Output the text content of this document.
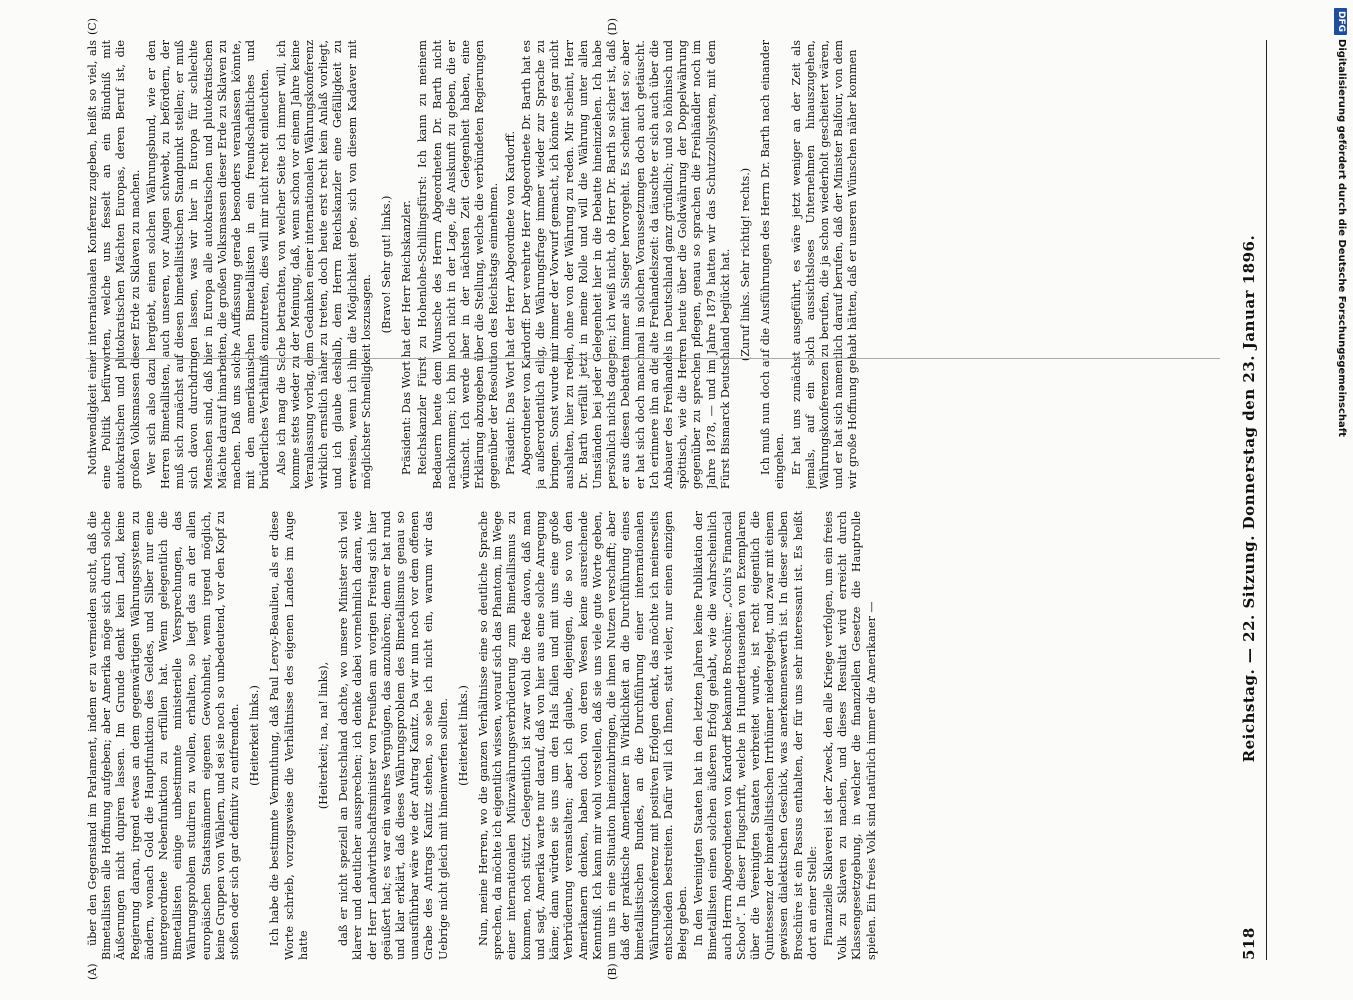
518
Reichstag. — 22. Sitzung. Donnerstag den 23. Januar 1896.

über den Gegenstand im Parlament, indem er zu vermeiden sucht, daß die Bimetallisten alle Hoffnung aufgeben; aber Amerika möge sich durch solche Äußerungen nicht dupiren lassen. Im Grunde denkt kein Land, keine Regierung daran, irgend etwas an dem gegenwärtigen Währungssystem zu ändern, wonach Gold die Hauptfunktion des Geldes, und Silber nur eine untergeordnete Nebenfunktion zu erfüllen hat. Wenn gelegentlich die Bimetallisten einige unbestimmte ministerielle Versprechungen, das Währungsproblem studiren zu wollen, erhalten, so liegt das an der allen europäischen Staatsmännern eigenen Gewohnheit, wenn irgend möglich, keine Gruppen von Wählern, und sei sie noch so unbedeutend, vor den Kopf zu stoßen oder sich gar definitiv zu entfremden. (Heiterkeit links.) Ich habe die bestimmte Vermuthung, daß Paul Leroy-Beaulieu, als er diese Worte schrieb, vorzugsweise die Verhältnisse des eigenen Landes im Auge hatte

(Heiterkeit; na, na! links), daß er nicht speziell an Deutschland dachte, wo unsere Minister sich viel klarer und deutlicher aussprechen; ich denke dabei vornehmlich daran, wie der Herr Landwirthschaftsminister von Preußen am vorigen Freitag sich hier geäußert hat; es war ein wahres Vergnügen, das anzuhören; denn er hat rund und klar erklärt, daß dieses Währungsproblem des Bimetallismus genau so unausführbar wäre wie der Antrag Kanitz. Da wir nun noch vor dem offenen Grabe des Antrags Kanitz stehen, so sehe ich nicht ein, warum wir das Uebrige nicht gleich mit hineinwerfen sollten. (Heiterkeit links.) Nun, meine Herren, wo die ganzen Verhältnisse eine so deutliche Sprache sprechen, da möchte ich eigentlich wissen, worauf sich das Phantom, im Wege einer internationalen Münzwährungsverbrüderung zum Bimetallismus zu kommen, noch stützt. Gelegentlich ist zwar wohl die Rede davon, daß man und sagt, Amerika warte nur darauf, daß von hier aus eine solche Anregung käme; dann würden sie uns um den Hals fallen und mit uns eine große Verbrüderung veranstalten; aber ich glaube, diejenigen, die so von den Amerikanern denken, haben doch von deren Wesen keine ausreichende Kenntniß. Ich kann mir wohl vorstellen, daß sie uns viele gute Worte geben, um uns in eine Situation hineinzubringen, die ihnen Nutzen verschafft; aber daß der praktische Amerikaner in Wirklichkeit an die Durchführung eines bimetallistischen Bundes, an die Durchführung einer internationalen Währungskonferenz mit positiven Erfolgen denkt, das möchte ich meinerseits entschieden bestreiten. Dafür will ich Ihnen, statt vieler, nur einen einzigen Beleg geben. In den Vereinigten Staaten hat in den letzten Jahren keine Publikation der Bimetallisten einen solchen äußeren Erfolg gehabt, wie die wahrscheinlich auch Herrn Abgeordneten von Kardorff bekannte Broschüre: „Coin's Financial School“. In dieser Flugschrift, welche in Hunderttausenden von Exemplaren über die Vereinigten Staaten verbreitet wurde, ist recht eigentlich die Quintessenz der bimetallistischen Irrthümer niedergelegt, und zwar mit einem gewissen dialektischen Geschick, was anerkennenswerth ist. In dieser selben Broschüre ist ein Passus enthalten, der für uns sehr interessant ist. Es heißt dort an einer Stelle: Finanzielle Sklaverei ist der Zweck, den alle Kriege verfolgen, um ein freies Volk zu Sklaven zu machen, und dieses Resultat wird erreicht durch Klassengesetzgebung, in welcher die finanziellen Gesetze die Hauptrolle spielen. Ein freies Volk sind natürlich immer die Amerikaner —

Nothwendigkeit einer internationalen Konferenz zugeben, heißt so viel, als eine Politik befürworten, welche uns fesselt an ein Bündniß mit autokratischen und plutokratischen Mächten Europas, deren Beruf ist, die großen Volksmassen dieser Erde zu Sklaven zu machen. Wer sich also dazu hergiebt, einen solchen Währungsbund, wie er den Herren Bimetallisten, auch unseren, vor Augen schwebt, zu befördern, der muß sich zunächst auf diesen bimetallistischen Standpunkt stellen; er muß sich davon durchdringen lassen, was wir hier in Europa für schlechte Menschen sind, daß hier in Europa alle autokratischen und plutokratischen Mächte darauf hinarbeiten, die großen Volksmassen dieser Erde zu Sklaven zu machen. Daß uns solche Auffassung gerade besonders veranlassen könnte, mit den amerikanischen Bimetallisten in ein freundschaftliches und brüderliches Verhältniß einzutreten, dies will mir nicht recht einleuchten. Also ich mag die Sache betrachten, von welcher Seite ich immer will, ich komme stets wieder zu der Meinung, daß, wenn schon vor einem Jahre keine Veranlassung vorlag, dem Gedanken einer internationalen Währungskonferenz wirklich ernstlich näher zu treten, doch heute erst recht kein Anlaß vorliegt, und ich glaube deshalb, dem Herrn Reichskanzler eine Gefälligkeit zu erweisen, wenn ich ihm die Möglichkeit gebe, sich von diesem Kadaver mit möglichster Schnelligkeit loszusagen.

(Bravo! Sehr gut! links.) Präsident: Das Wort hat der Herr Reichskanzler. Reichskanzler Fürst zu Hohenlohe-Schillingsfürst: Ich kann zu meinem Bedauern heute dem Wunsche des Herrn Abgeordneten Dr. Barth nicht nachkommen; ich bin noch nicht in der Lage, die Auskunft zu geben, die er wünscht. Ich werde aber in der nächsten Zeit Gelegenheit haben, eine Erklärung abzugeben über die Stellung, welche die verbündeten Regierungen gegenüber der Resolution des Reichstags einnehmen. Präsident: Das Wort hat der Herr Abgeordnete von Kardorff. Abgeordneter von Kardorff: Der verehrte Herr Abgeordnete Dr. Barth hat es ja außerordentlich eilig, die Währungsfrage immer wieder zur Sprache zu bringen. Sonst wurde mir immer der Vorwurf gemacht, ich könnte es gar nicht aushalten, hier zu reden, ohne von der Währung zu reden. Mir scheint, Herr Dr. Barth verfällt jetzt in meine Rolle und will die Währung unter allen Umständen bei jeder Gelegenheit hier in die Debatte hineinziehen. Ich habe persönlich nichts dagegen; ich weiß nicht, ob Herr Dr. Barth so sicher ist, daß er aus diesen Debatten immer als Sieger hervorgeht. Es scheint fast so; aber er hat sich doch manchmal in solchen Voraussetzungen doch auch getäuscht. Ich erinnere ihn an die alte Freihandelszeit: da täuschte er sich auch über die Anbauer des Freihandels in Deutschland ganz gründlich; und so höhnisch und spöttisch, wie die Herren heute über die Goldwährung der Doppelwährung gegenüber zu sprechen pflegen, genau so sprachen die Freihändler noch im Jahre 1878, — und im Jahre 1879 hatten wir das Schutzzollsystem, mit dem Fürst Bismarck Deutschland beglückt hat. (Zuruf links. Sehr richtig! rechts.) Ich muß nun doch auf die Ausführungen des Herrn Dr. Barth nach einander eingehen. Er hat uns zunächst ausgeführt, es wäre jetzt weniger an der Zeit als jemals, auf ein solch aussichtsloses Unternehmen hinauszugehen, Währungskonferenzen zu berufen, die ja schon wiederholt gescheitert wären, und er hat sich namentlich darauf berufen, daß der Minister Balfour, von dem wir große Hoffnung gehabt hätten, daß er unseren Wünschen näher kommen

(A)	(B)
(C)	(D)	DFG
Digitalisierung gefördert durch die Deutsche Forschungsgemeinschaft
